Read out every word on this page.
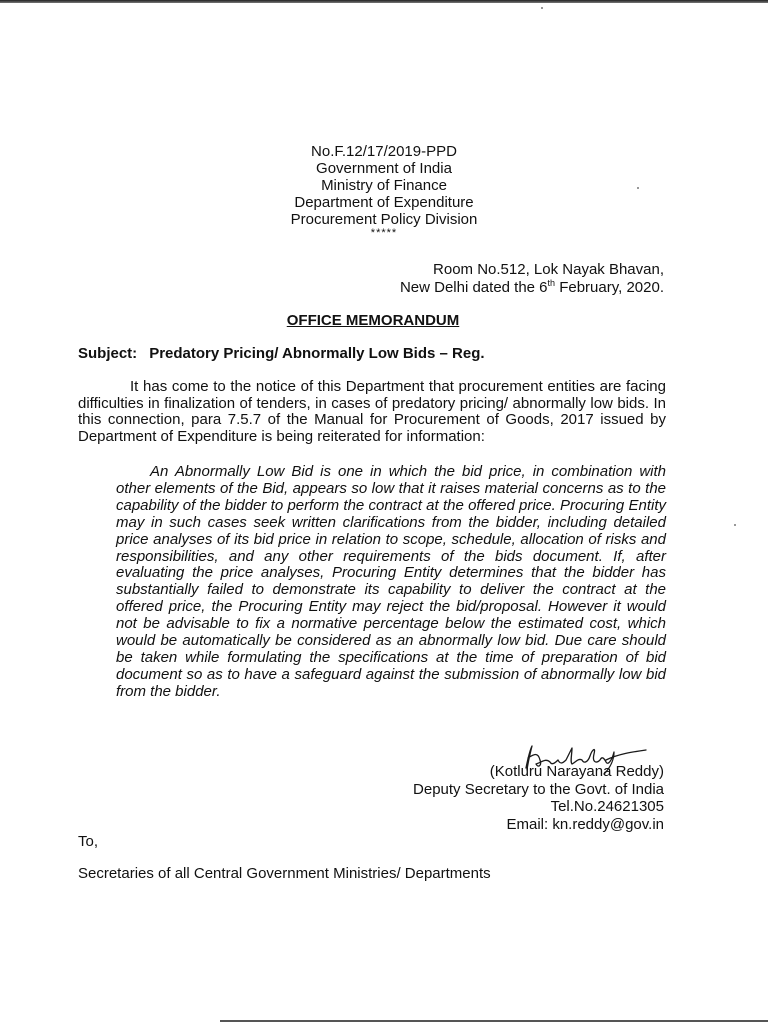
No.F.12/17/2019-PPD
Government of India
Ministry of Finance
Department of Expenditure
Procurement Policy Division
*****
Room No.512, Lok Nayak Bhavan,
New Delhi dated the 6th February, 2020.
OFFICE MEMORANDUM
Subject: Predatory Pricing/ Abnormally Low Bids – Reg.
It has come to the notice of this Department that procurement entities are facing difficulties in finalization of tenders, in cases of predatory pricing/ abnormally low bids. In this connection, para 7.5.7 of the Manual for Procurement of Goods, 2017 issued by Department of Expenditure is being reiterated for information:
An Abnormally Low Bid is one in which the bid price, in combination with other elements of the Bid, appears so low that it raises material concerns as to the capability of the bidder to perform the contract at the offered price. Procuring Entity may in such cases seek written clarifications from the bidder, including detailed price analyses of its bid price in relation to scope, schedule, allocation of risks and responsibilities, and any other requirements of the bids document. If, after evaluating the price analyses, Procuring Entity determines that the bidder has substantially failed to demonstrate its capability to deliver the contract at the offered price, the Procuring Entity may reject the bid/proposal. However it would not be advisable to fix a normative percentage below the estimated cost, which would be automatically be considered as an abnormally low bid. Due care should be taken while formulating the specifications at the time of preparation of bid document so as to have a safeguard against the submission of abnormally low bid from the bidder.
(Kotluru Narayana Reddy)
Deputy Secretary to the Govt. of India
Tel.No.24621305
Email: kn.reddy@gov.in
To,
Secretaries of all Central Government Ministries/ Departments
